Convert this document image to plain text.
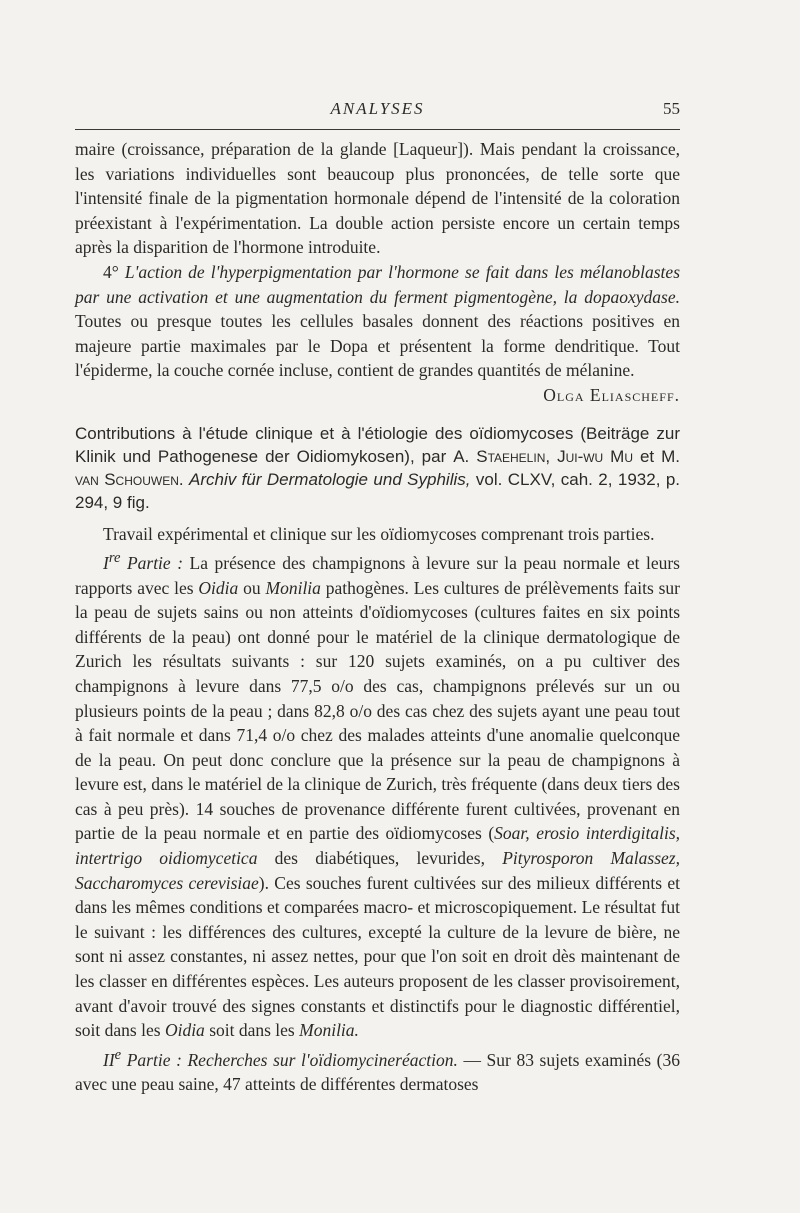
ANALYSES	55

maire (croissance, préparation de la glande [Laqueur]). Mais pendant la croissance, les variations individuelles sont beaucoup plus prononcées, de telle sorte que l'intensité finale de la pigmentation hormonale dépend de l'intensité de la coloration préexistant à l'expérimentation. La double action persiste encore un certain temps après la disparition de l'hormone introduite.

4° L'action de l'hyperpigmentation par l'hormone se fait dans les mélanoblastes par une activation et une augmentation du ferment pigmentogène, la dopaoxydase. Toutes ou presque toutes les cellules basales donnent des réactions positives en majeure partie maximales par le Dopa et présentent la forme dendritique. Tout l'épiderme, la couche cornée incluse, contient de grandes quantités de mélanine.

Olga Eliascheff.

Contributions à l'étude clinique et à l'étiologie des oïdiomycoses (Beiträge zur Klinik und Pathogenese der Oidiomykosen), par A. Staehelin, Jui-wu Mu et M. van Schouwen. Archiv für Dermatologie und Syphilis, vol. CLXV, cah. 2, 1932, p. 294, 9 fig.

Travail expérimental et clinique sur les oïdiomycoses comprenant trois parties.

Ire Partie : La présence des champignons à levure sur la peau normale et leurs rapports avec les Oidia ou Monilia pathogènes. Les cultures de prélèvements faits sur la peau de sujets sains ou non atteints d'oïdiomycoses (cultures faites en six points différents de la peau) ont donné pour le matériel de la clinique dermatologique de Zurich les résultats suivants : sur 120 sujets examinés, on a pu cultiver des champignons à levure dans 77,5 o/o des cas, champignons prélevés sur un ou plusieurs points de la peau ; dans 82,8 o/o des cas chez des sujets ayant une peau tout à fait normale et dans 71,4 o/o chez des malades atteints d'une anomalie quelconque de la peau. On peut donc conclure que la présence sur la peau de champignons à levure est, dans le matériel de la clinique de Zurich, très fréquente (dans deux tiers des cas à peu près). 14 souches de provenance différente furent cultivées, provenant en partie de la peau normale et en partie des oïdiomycoses (Soar, erosio interdigitalis, intertrigo oidiomycetica des diabétiques, levurides, Pityrosporon Malassez, Saccharomyces cerevisiae). Ces souches furent cultivées sur des milieux différents et dans les mêmes conditions et comparées macro- et microscopiquement. Le résultat fut le suivant : les différences des cultures, excepté la culture de la levure de bière, ne sont ni assez constantes, ni assez nettes, pour que l'on soit en droit dès maintenant de les classer en différentes espèces. Les auteurs proposent de les classer provisoirement, avant d'avoir trouvé des signes constants et distinctifs pour le diagnostic différentiel, soit dans les Oidia soit dans les Monilia.

IIe Partie : Recherches sur l'oïdiomycineréaction. — Sur 83 sujets examinés (36 avec une peau saine, 47 atteints de différentes dermatoses
